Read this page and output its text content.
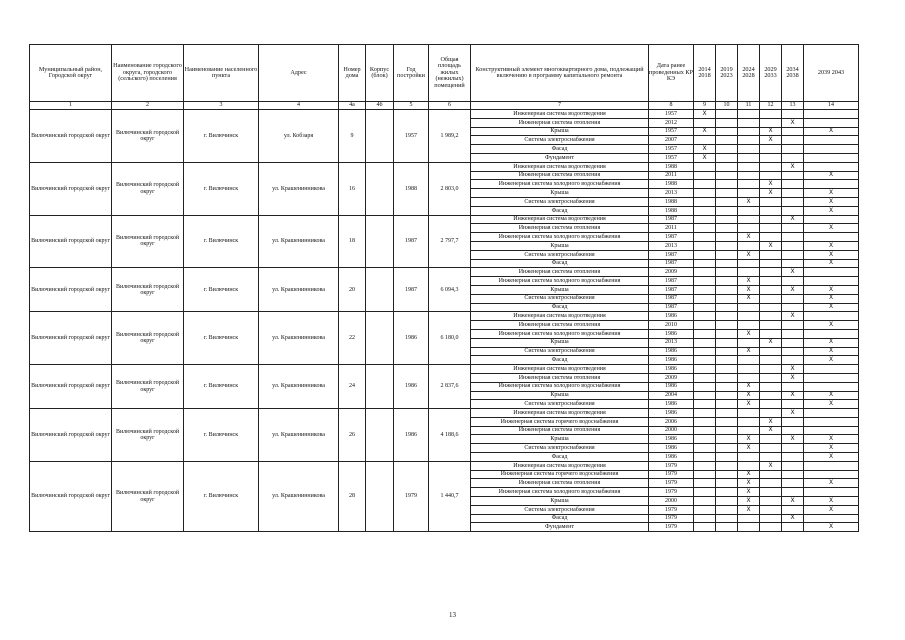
Муниципальный район, Городской округ	Наименование городского округа, городского (сельского) поселения	Наименование населенного пункта	Адрес	Номер дома	Корпус (блок)	Год постройки	Общая площадь жилых (нежилых) помещений	Конструктивный элемент многоквартирного дома, подлежащий включению в программу капитального ремонта	Дата ранее проведенных КР КЭ	2014 2018	2019 2023	2024 2028	2029 2033	2034 2038	2039 2043
1	2	3	4	4а	4б	5	6	7	8	9	10	11	12	13	14
Вилючинский городской округ	Вилючинский городской округ	г. Вилючинск	ул. Кобзаря	9		1957	1 989,2	Инженерная система водоотведения	1957	X					
								Инженерная система отопления	2012					X	
								Крыша	1957	X			X		X
								Система электроснабжения	2007				X		
								Фасад	1957	X					
								Фундамент	1957	X					
Вилючинский городской округ	Вилючинский городской округ	г. Вилючинск	ул. Крашенинникова	16		1988	2 803,0	Инженерная система водоотведения	1988					X	
								Инженерная система отопления	2011						X
								Инженерная система холодного водоснабжения	1988				X		
								Крыша	2013				X		X
								Система электроснабжения	1988			X			X
								Фасад	1988						X
Вилючинский городской округ	Вилючинский городской округ	г. Вилючинск	ул. Крашенинникова	18		1987	2 797,7	Инженерная система водоотведения	1987					X	
								Инженерная система отопления	2011						X
								Инженерная система холодного водоснабжения	1987			X			
								Крыша	2013				X		X
								Система электроснабжения	1987			X			X
								Фасад	1987						X
Вилючинский городской округ	Вилючинский городской округ	г. Вилючинск	ул. Крашенинникова	20		1987	6 094,3	Инженерная система отопления	2009					X	
								Инженерная система холодного водоснабжения	1987			X			
								Крыша	1987			X		X	X
								Система электроснабжения	1987			X			X
								Фасад	1987						X
Вилючинский городской округ	Вилючинский городской округ	г. Вилючинск	ул. Крашенинникова	22		1986	6 180,0	Инженерная система водоотведения	1986					X	
								Инженерная система отопления	2010						X
								Инженерная система холодного водоснабжения	1986			X			
								Крыша	2013				X		X
								Система электроснабжения	1986			X			X
								Фасад	1986						X
Вилючинский городской округ	Вилючинский городской округ	г. Вилючинск	ул. Крашенинникова	24		1986	2 837,6	Инженерная система водоотведения	1986					X	
								Инженерная система отопления	2009					X	
								Инженерная система холодного водоснабжения	1986			X			
								Крыша	2004			X		X	X
								Система электроснабжения	1986			X			X
Вилючинский городской округ	Вилючинский городской округ	г. Вилючинск	ул. Крашенинникова	26		1986	4 188,6	Инженерная система водоотведения	1986					X	
								Инженерная система горячего водоснабжения	2006				X		
								Инженерная система отопления	2000				X		
								Крыша	1986			X		X	X
								Система электроснабжения	1986			X			X
								Фасад	1986						X
Вилючинский городской округ	Вилючинский городской округ	г. Вилючинск	ул. Крашенинникова	28		1979	1 440,7	Инженерная система водоотведения	1979				X		
								Инженерная система горячего водоснабжения	1979			X			
								Инженерная система отопления	1979			X			X
								Инженерная система холодного водоснабжения	1979			X			
								Крыша	2000			X		X	X
								Система электроснабжения	1979			X			X
								Фасад	1979					X	
								Фундамент	1979						X
13
